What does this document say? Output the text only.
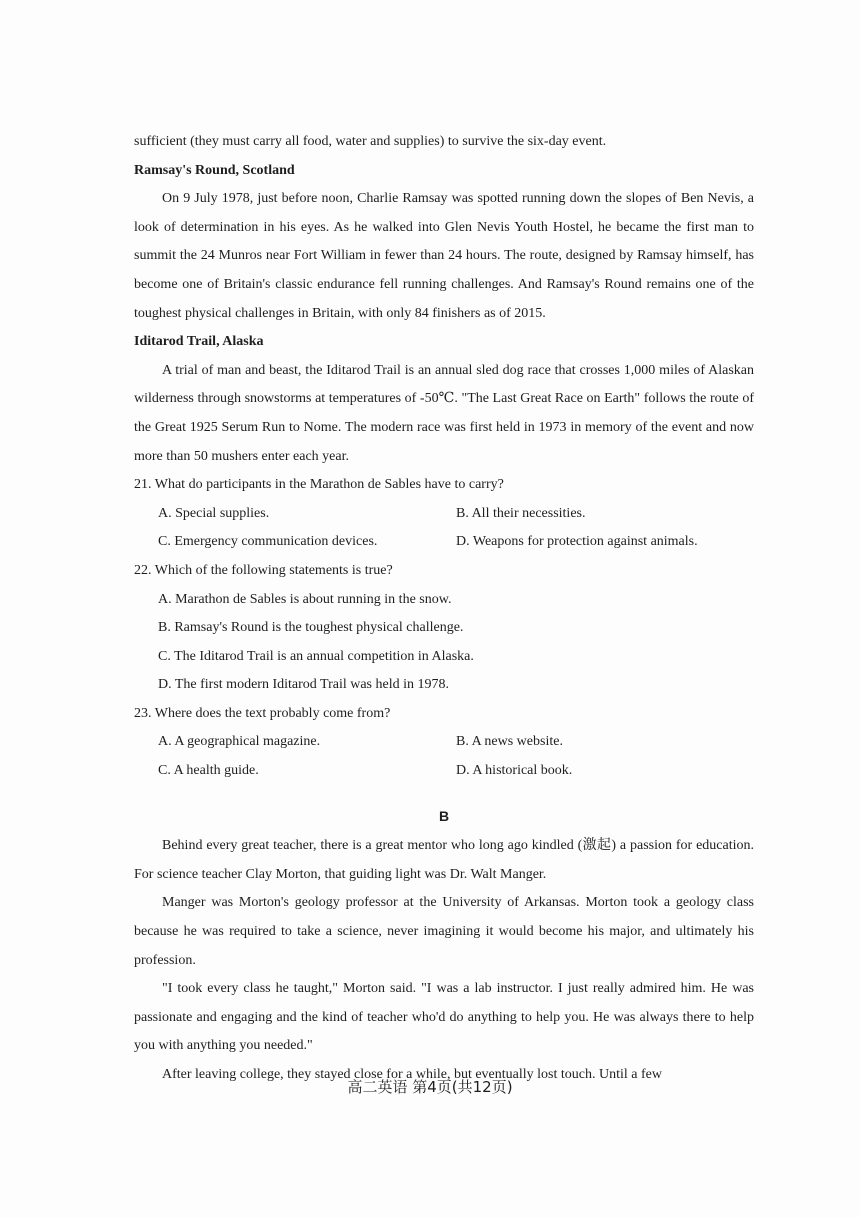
sufficient (they must carry all food, water and supplies) to survive the six-day event.

Ramsay's Round, Scotland

On 9 July 1978, just before noon, Charlie Ramsay was spotted running down the slopes of Ben Nevis, a look of determination in his eyes. As he walked into Glen Nevis Youth Hostel, he became the first man to summit the 24 Munros near Fort William in fewer than 24 hours. The route, designed by Ramsay himself, has become one of Britain's classic endurance fell running challenges. And Ramsay's Round remains one of the toughest physical challenges in Britain, with only 84 finishers as of 2015.

Iditarod Trail, Alaska

A trial of man and beast, the Iditarod Trail is an annual sled dog race that crosses 1,000 miles of Alaskan wilderness through snowstorms at temperatures of -50℃. "The Last Great Race on Earth" follows the route of the Great 1925 Serum Run to Nome. The modern race was first held in 1973 in memory of the event and now more than 50 mushers enter each year.

21. What do participants in the Marathon de Sables have to carry?

A. Special supplies.	B. All their necessities.
C. Emergency communication devices.	D. Weapons for protection against animals.

22. Which of the following statements is true?

A. Marathon de Sables is about running in the snow.
B. Ramsay's Round is the toughest physical challenge.
C. The Iditarod Trail is an annual competition in Alaska.
D. The first modern Iditarod Trail was held in 1978.

23. Where does the text probably come from?

A. A geographical magazine.	B. A news website.
C. A health guide.	D. A historical book.
B

Behind every great teacher, there is a great mentor who long ago kindled (激起) a passion for education. For science teacher Clay Morton, that guiding light was Dr. Walt Manger.

Manger was Morton's geology professor at the University of Arkansas. Morton took a geology class because he was required to take a science, never imagining it would become his major, and ultimately his profession.

"I took every class he taught," Morton said. "I was a lab instructor. I just really admired him. He was passionate and engaging and the kind of teacher who'd do anything to help you. He was always there to help you with anything you needed."

After leaving college, they stayed close for a while, but eventually lost touch. Until a few

高二英语 第4页(共12页)
